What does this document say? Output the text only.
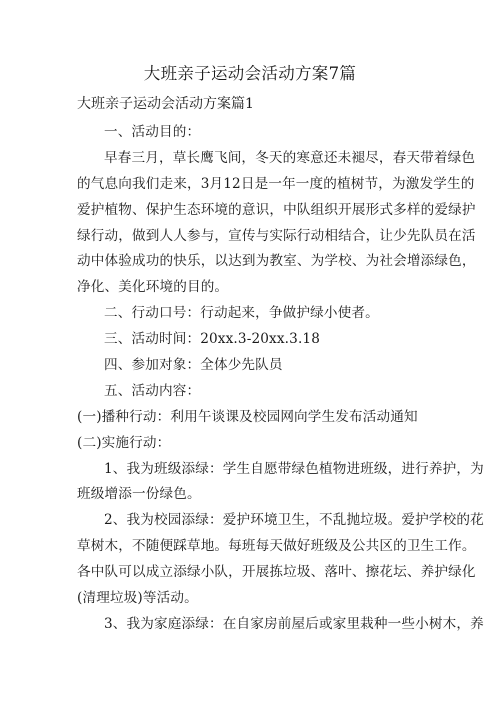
大班亲子运动会活动方案7篇
大班亲子运动会活动方案篇1
一、活动目的：
早春三月，草长鹰飞间，冬天的寒意还未褪尽，春天带着绿色
的气息向我们走来，3月12日是一年一度的植树节，为激发学生的
爱护植物、保护生态环境的意识，中队组织开展形式多样的爱绿护
绿行动，做到人人参与，宣传与实际行动相结合，让少先队员在活
动中体验成功的快乐，以达到为教室、为学校、为社会增添绿色，
净化、美化环境的目的。
二、行动口号：行动起来，争做护绿小使者。
三、活动时间：20xx.3-20xx.3.18
四、参加对象：全体少先队员
五、活动内容：
(一)播种行动：利用午谈课及校园网向学生发布活动通知
(二)实施行动：
1、我为班级添绿：学生自愿带绿色植物进班级，进行养护，为
班级增添一份绿色。
2、我为校园添绿：爱护环境卫生，不乱抛垃圾。爱护学校的花
草树木，不随便踩草地。每班每天做好班级及公共区的卫生工作。
各中队可以成立添绿小队，开展拣垃圾、落叶、擦花坛、养护绿化
(清理垃圾)等活动。
3、我为家庭添绿：在自家房前屋后或家里栽种一些小树木，养
